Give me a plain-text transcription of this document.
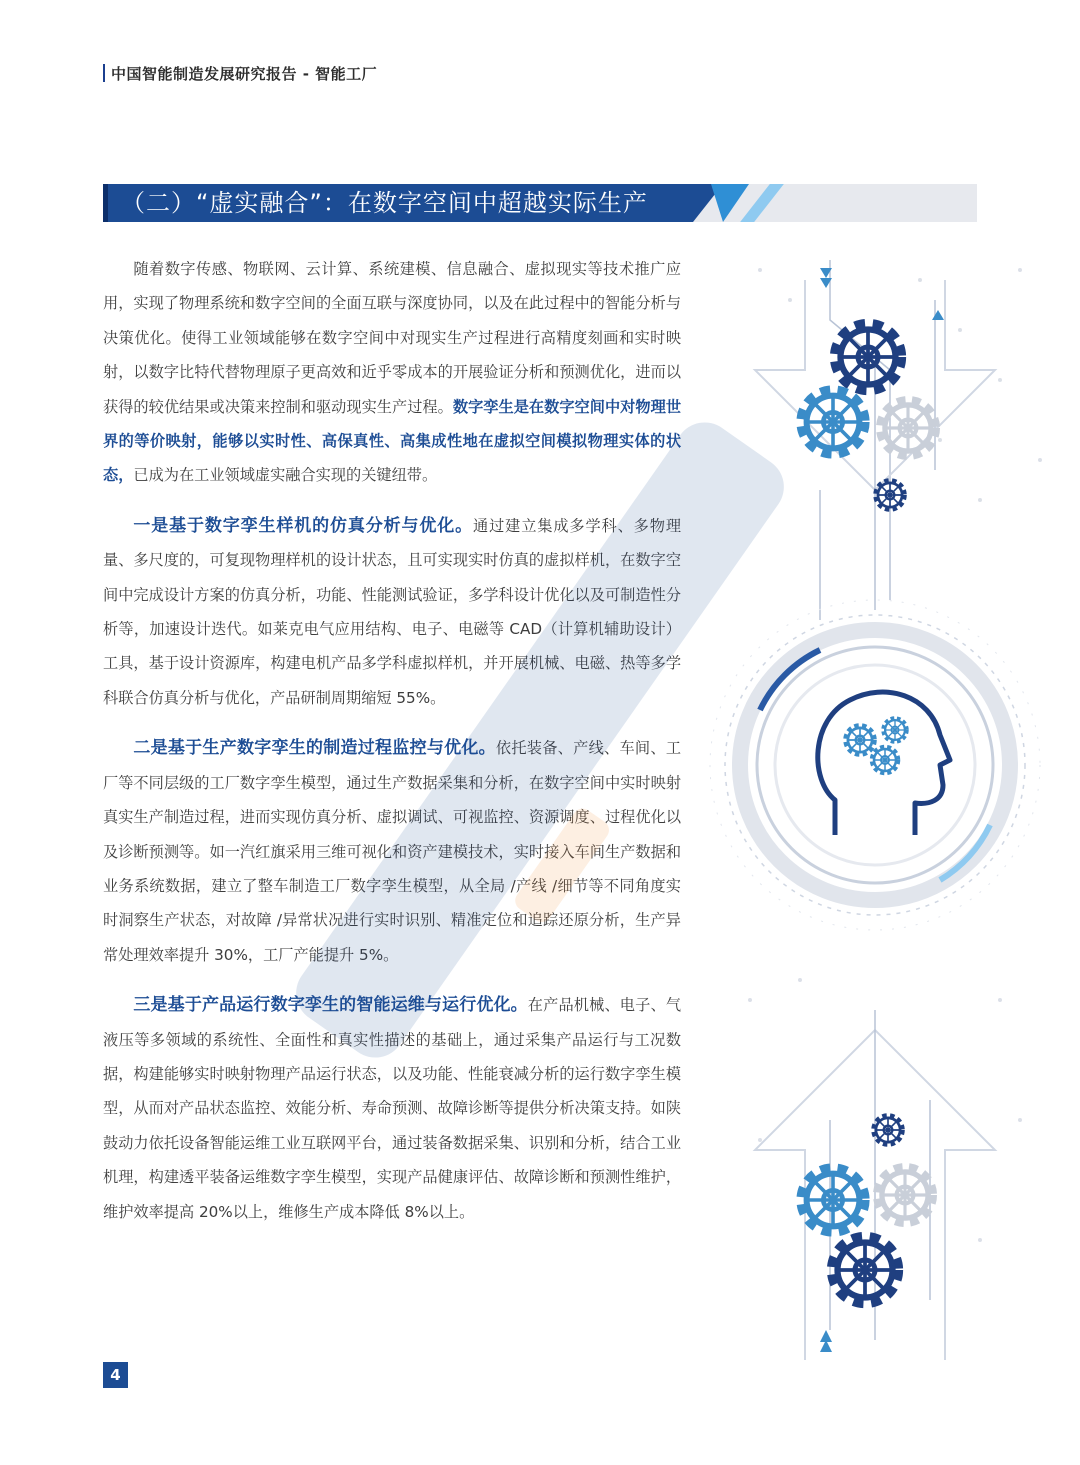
中国智能制造发展研究报告 - 智能工厂
（二）“虚实融合”：在数字空间中超越实际生产

随着数字传感、物联网、云计算、系统建模、信息融合、虚拟现实等技术推广应用，实现了物理系统和数字空间的全面互联与深度协同，以及在此过程中的智能分析与决策优化。使得工业领域能够在数字空间中对现实生产过程进行高精度刻画和实时映射，以数字比特代替物理原子更高效和近乎零成本的开展验证分析和预测优化，进而以获得的较优结果或决策来控制和驱动现实生产过程。数字孪生是在数字空间中对物理世界的等价映射，能够以实时性、高保真性、高集成性地在虚拟空间模拟物理实体的状态，已成为在工业领域虚实融合实现的关键纽带。

一是基于数字孪生样机的仿真分析与优化。通过建立集成多学科、多物理量、多尺度的，可复现物理样机的设计状态，且可实现实时仿真的虚拟样机，在数字空间中完成设计方案的仿真分析，功能、性能测试验证，多学科设计优化以及可制造性分析等，加速设计迭代。如莱克电气应用结构、电子、电磁等 CAD（计算机辅助设计）工具，基于设计资源库，构建电机产品多学科虚拟样机，并开展机械、电磁、热等多学科联合仿真分析与优化，产品研制周期缩短 55%。

二是基于生产数字孪生的制造过程监控与优化。依托装备、产线、车间、工厂等不同层级的工厂数字孪生模型，通过生产数据采集和分析，在数字空间中实时映射真实生产制造过程，进而实现仿真分析、虚拟调试、可视监控、资源调度、过程优化以及诊断预测等。如一汽红旗采用三维可视化和资产建模技术，实时接入车间生产数据和业务系统数据，建立了整车制造工厂数字孪生模型，从全局 /产线 /细节等不同角度实时洞察生产状态，对故障 /异常状况进行实时识别、精准定位和追踪还原分析，生产异常处理效率提升 30%，工厂产能提升 5%。

三是基于产品运行数字孪生的智能运维与运行优化。在产品机械、电子、气液压等多领域的系统性、全面性和真实性描述的基础上，通过采集产品运行与工况数据，构建能够实时映射物理产品运行状态，以及功能、性能衰减分析的运行数字孪生模型，从而对产品状态监控、效能分析、寿命预测、故障诊断等提供分析决策支持。如陕鼓动力依托设备智能运维工业互联网平台，通过装备数据采集、识别和分析，结合工业机理，构建透平装备运维数字孪生模型，实现产品健康评估、故障诊断和预测性维护，维护效率提高 20%以上，维修生产成本降低 8%以上。

4
